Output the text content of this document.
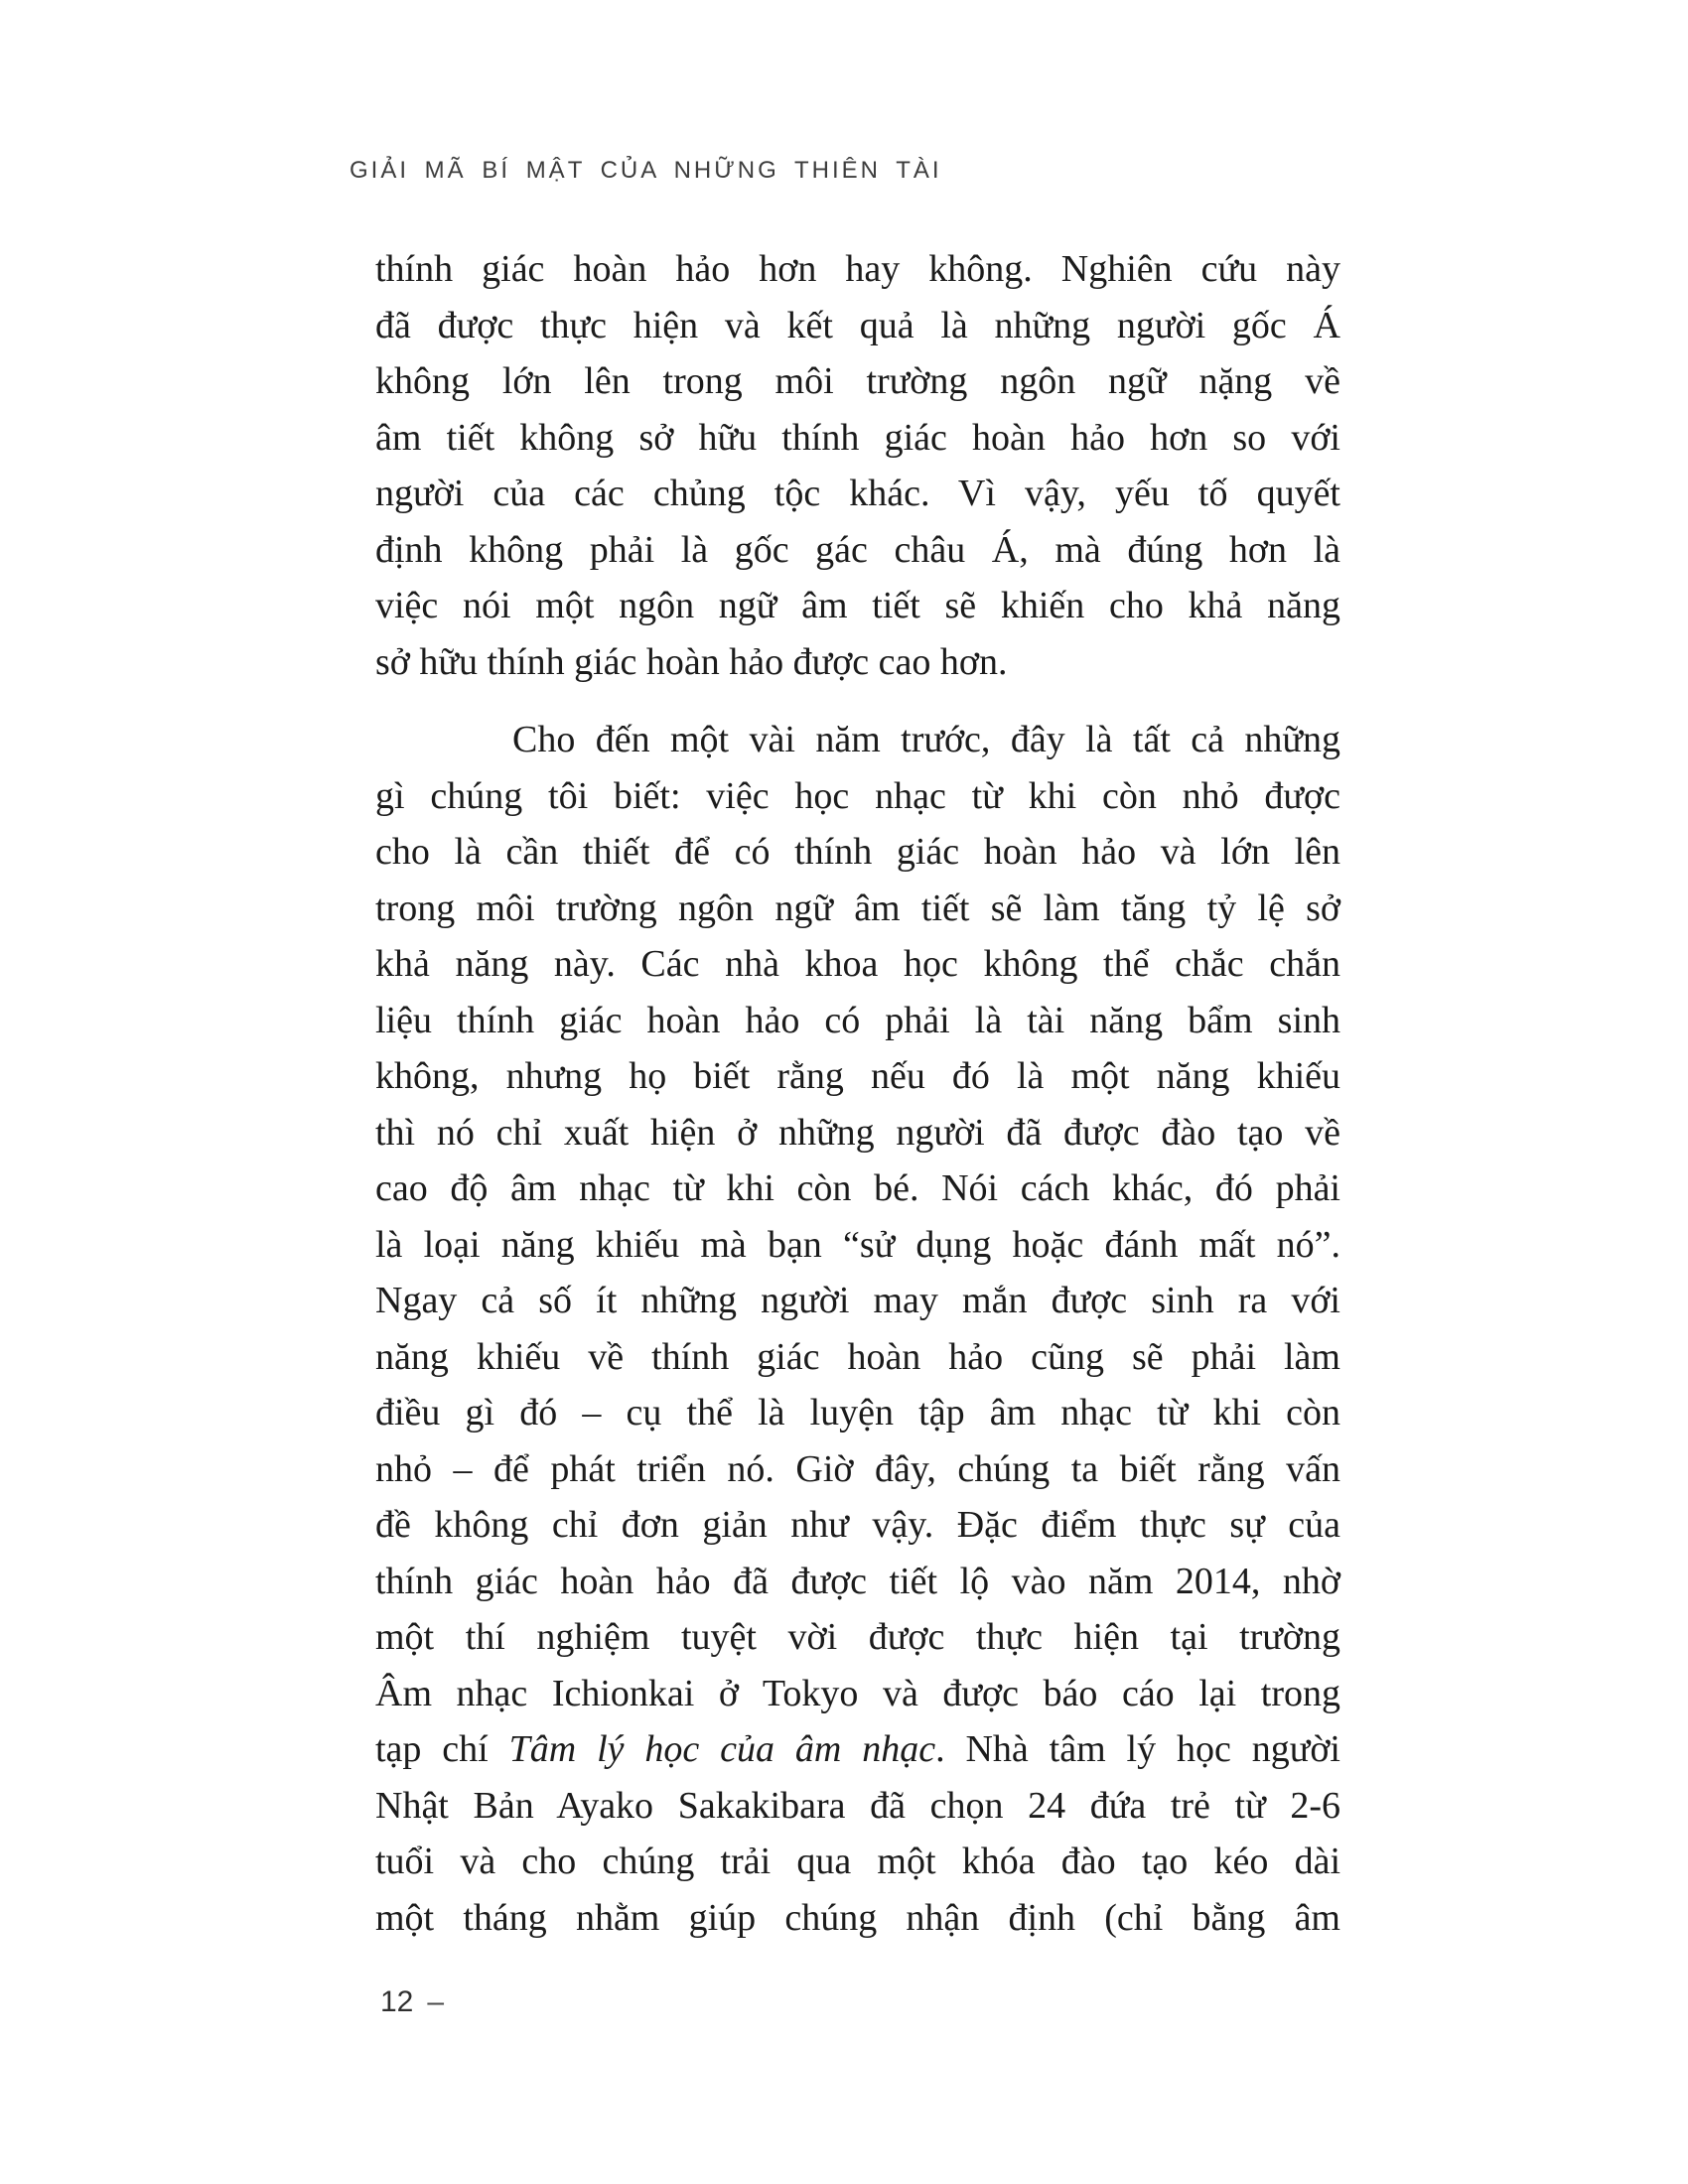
GIẢI MÃ BÍ MẬT CỦA NHỮNG THIÊN TÀI
thính giác hoàn hảo hơn hay không. Nghiên cứu này
đã được thực hiện và kết quả là những người gốc Á
không lớn lên trong môi trường ngôn ngữ nặng về
âm tiết không sở hữu thính giác hoàn hảo hơn so với
người của các chủng tộc khác. Vì vậy, yếu tố quyết
định không phải là gốc gác châu Á, mà đúng hơn là
việc nói một ngôn ngữ âm tiết sẽ khiến cho khả năng
sở hữu thính giác hoàn hảo được cao hơn.
Cho đến một vài năm trước, đây là tất cả những
gì chúng tôi biết: việc học nhạc từ khi còn nhỏ được
cho là cần thiết để có thính giác hoàn hảo và lớn lên
trong môi trường ngôn ngữ âm tiết sẽ làm tăng tỷ lệ sở
khả năng này. Các nhà khoa học không thể chắc chắn
liệu thính giác hoàn hảo có phải là tài năng bẩm sinh
không, nhưng họ biết rằng nếu đó là một năng khiếu
thì nó chỉ xuất hiện ở những người đã được đào tạo về
cao độ âm nhạc từ khi còn bé. Nói cách khác, đó phải
là loại năng khiếu mà bạn “sử dụng hoặc đánh mất nó”.
Ngay cả số ít những người may mắn được sinh ra với
năng khiếu về thính giác hoàn hảo cũng sẽ phải làm
điều gì đó – cụ thể là luyện tập âm nhạc từ khi còn
nhỏ – để phát triển nó. Giờ đây, chúng ta biết rằng vấn
đề không chỉ đơn giản như vậy. Đặc điểm thực sự của
thính giác hoàn hảo đã được tiết lộ vào năm 2014, nhờ
một thí nghiệm tuyệt vời được thực hiện tại trường
Âm nhạc Ichionkai ở Tokyo và được báo cáo lại trong
tạp chí Tâm lý học của âm nhạc. Nhà tâm lý học người
Nhật Bản Ayako Sakakibara đã chọn 24 đứa trẻ từ 2-6
tuổi và cho chúng trải qua một khóa đào tạo kéo dài
một tháng nhằm giúp chúng nhận định (chỉ bằng âm
12 –
